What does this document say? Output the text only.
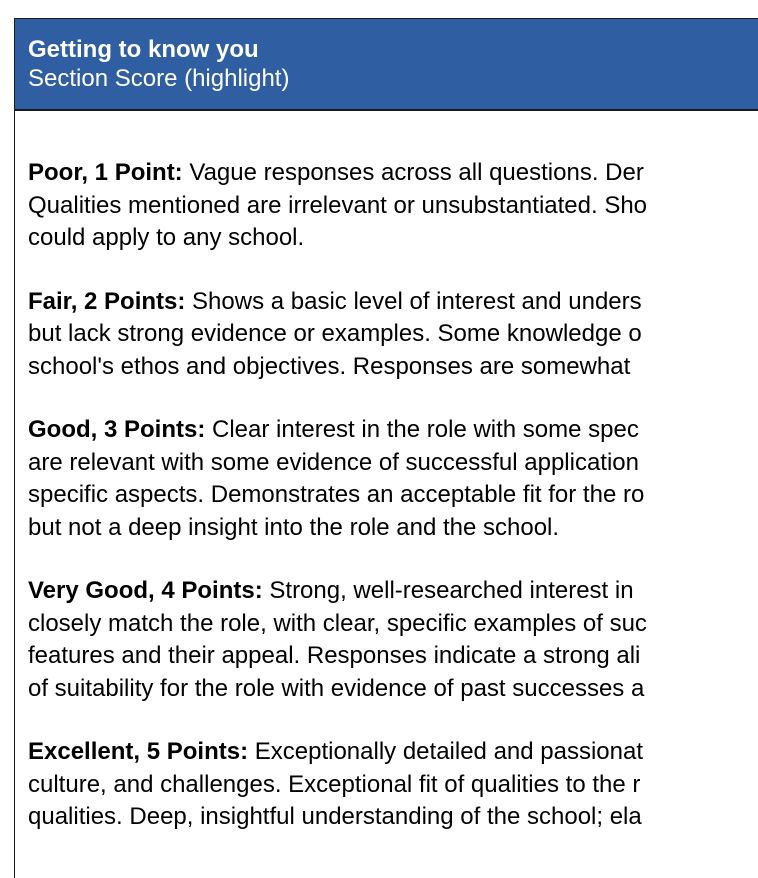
Getting to know you
Section Score (highlight)
Poor, 1 Point: Vague responses across all questions. Der
Qualities mentioned are irrelevant or unsubstantiated. Sho
could apply to any school.
Fair, 2 Points: Shows a basic level of interest and unders
but lack strong evidence or examples. Some knowledge o
school's ethos and objectives. Responses are somewhat
Good, 3 Points: Clear interest in the role with some spec
are relevant with some evidence of successful application
specific aspects. Demonstrates an acceptable fit for the ro
but not a deep insight into the role and the school.
Very Good, 4 Points: Strong, well-researched interest in
closely match the role, with clear, specific examples of suc
features and their appeal. Responses indicate a strong ali
of suitability for the role with evidence of past successes a
Excellent, 5 Points: Exceptionally detailed and passionat
culture, and challenges. Exceptional fit of qualities to the r
qualities. Deep, insightful understanding of the school; ela
